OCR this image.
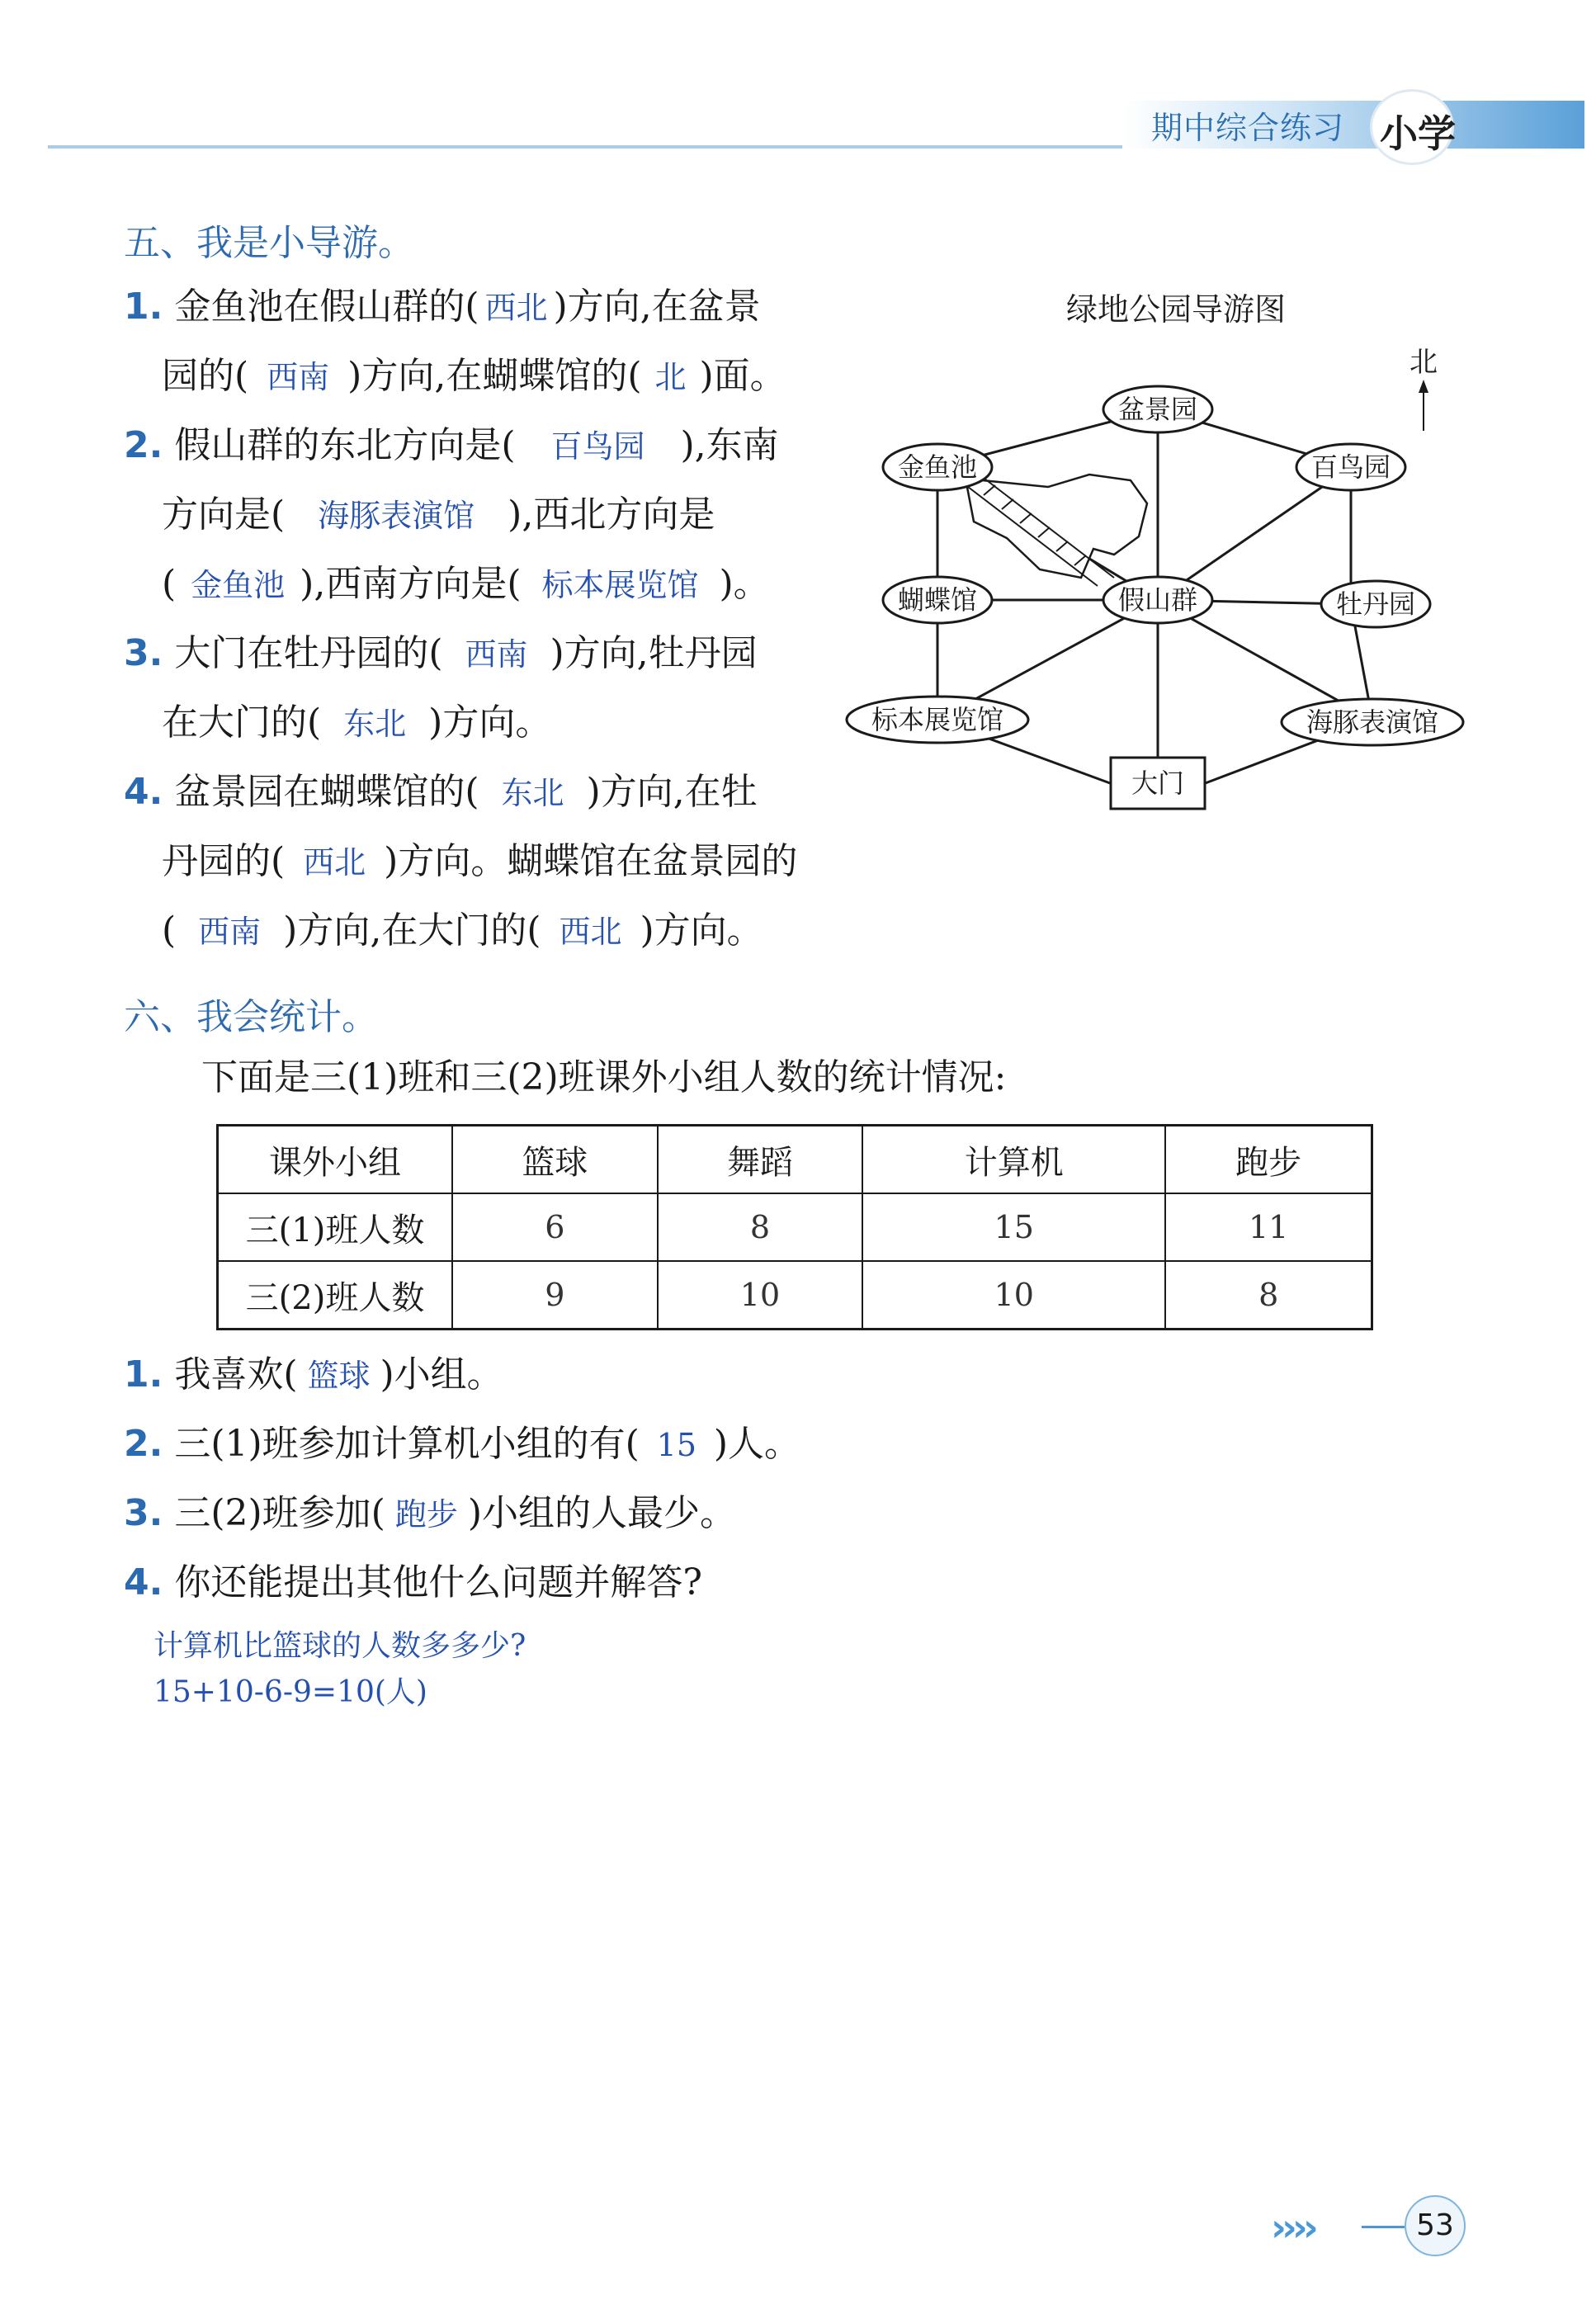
期中综合练习 小学
五、我是小导游。
1. 金鱼池在假山群的( 西北 )方向,在盆景
园的( 西南 )方向,在蝴蝶馆的( 北 )面。
2. 假山群的东北方向是( 百鸟园 ),东南
方向是( 海豚表演馆 ),西北方向是
( 金鱼池 ),西南方向是( 标本展览馆 )。
3. 大门在牡丹园的( 西南 )方向,牡丹园
在大门的( 东北 )方向。
4. 盆景园在蝴蝶馆的( 东北 )方向,在牡
丹园的( 西北 )方向。蝴蝶馆在盆景园的
( 西南 )方向,在大门的( 西北 )方向。
绿地公园导游图
北
盆景园
金鱼池	百鸟园
蝴蝶馆	假山群	牡丹园
标本展览馆	海豚表演馆
大门
六、我会统计。
下面是三(1)班和三(2)班课外小组人数的统计情况:
课外小组	篮球	舞蹈	计算机	跑步
三(1)班人数	6	8	15	11
三(2)班人数	9	10	10	8
1. 我喜欢( 篮球 )小组。
2. 三(1)班参加计算机小组的有( 15 )人。
3. 三(2)班参加( 跑步 )小组的人最少。
4. 你还能提出其他什么问题并解答?
计算机比篮球的人数多多少?
15+10-6-9=10(人)
››››	53
